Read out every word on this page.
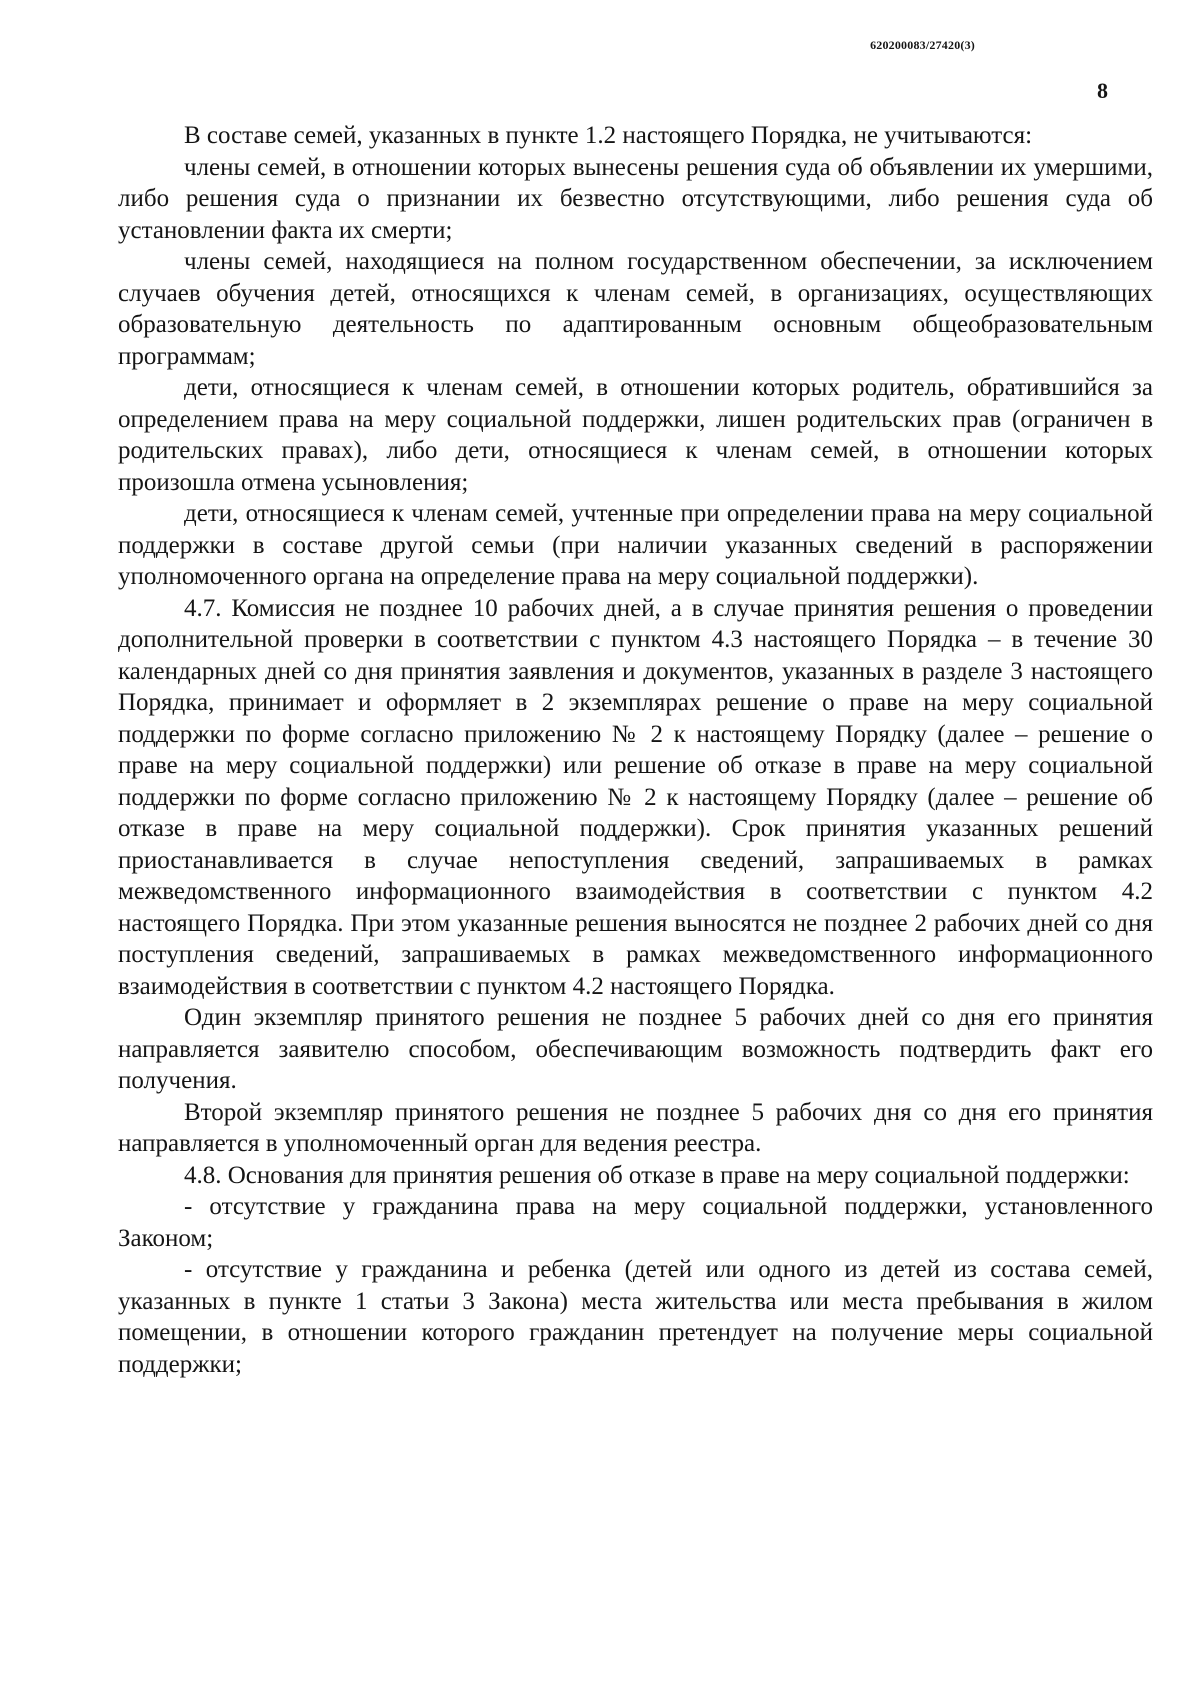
620200083/27420(3)
8

В составе семей, указанных в пункте 1.2 настоящего Порядка, не учитываются:

члены семей, в отношении которых вынесены решения суда об объявлении их умершими, либо решения суда о признании их безвестно отсутствующими, либо решения суда об установлении факта их смерти;

члены семей, находящиеся на полном государственном обеспечении, за исключением случаев обучения детей, относящихся к членам семей, в организациях, осуществляющих образовательную деятельность по адаптированным основным общеобразовательным программам;

дети, относящиеся к членам семей, в отношении которых родитель, обратившийся за определением права на меру социальной поддержки, лишен родительских прав (ограничен в родительских правах), либо дети, относящиеся к членам семей, в отношении которых произошла отмена усыновления;

дети, относящиеся к членам семей, учтенные при определении права на меру социальной поддержки в составе другой семьи (при наличии указанных сведений в распоряжении уполномоченного органа на определение права на меру социальной поддержки).

4.7. Комиссия не позднее 10 рабочих дней, а в случае принятия решения о проведении дополнительной проверки в соответствии с пунктом 4.3 настоящего Порядка – в течение 30 календарных дней со дня принятия заявления и документов, указанных в разделе 3 настоящего Порядка, принимает и оформляет в 2 экземплярах решение о праве на меру социальной поддержки по форме согласно приложению № 2 к настоящему Порядку (далее – решение о праве на меру социальной поддержки) или решение об отказе в праве на меру социальной поддержки по форме согласно приложению № 2 к настоящему Порядку (далее – решение об отказе в праве на меру социальной поддержки). Срок принятия указанных решений приостанавливается в случае непоступления сведений, запрашиваемых в рамках межведомственного информационного взаимодействия в соответствии с пунктом 4.2 настоящего Порядка. При этом указанные решения выносятся не позднее 2 рабочих дней со дня поступления сведений, запрашиваемых в рамках межведомственного информационного взаимодействия в соответствии с пунктом 4.2 настоящего Порядка.

Один экземпляр принятого решения не позднее 5 рабочих дней со дня его принятия направляется заявителю способом, обеспечивающим возможность подтвердить факт его получения.

Второй экземпляр принятого решения не позднее 5 рабочих дня со дня его принятия направляется в уполномоченный орган для ведения реестра.

4.8. Основания для принятия решения об отказе в праве на меру социальной поддержки:

- отсутствие у гражданина права на меру социальной поддержки, установленного Законом;

- отсутствие у гражданина и ребенка (детей или одного из детей из состава семей, указанных в пункте 1 статьи 3 Закона) места жительства или места пребывания в жилом помещении, в отношении которого гражданин претендует на получение меры социальной поддержки;
